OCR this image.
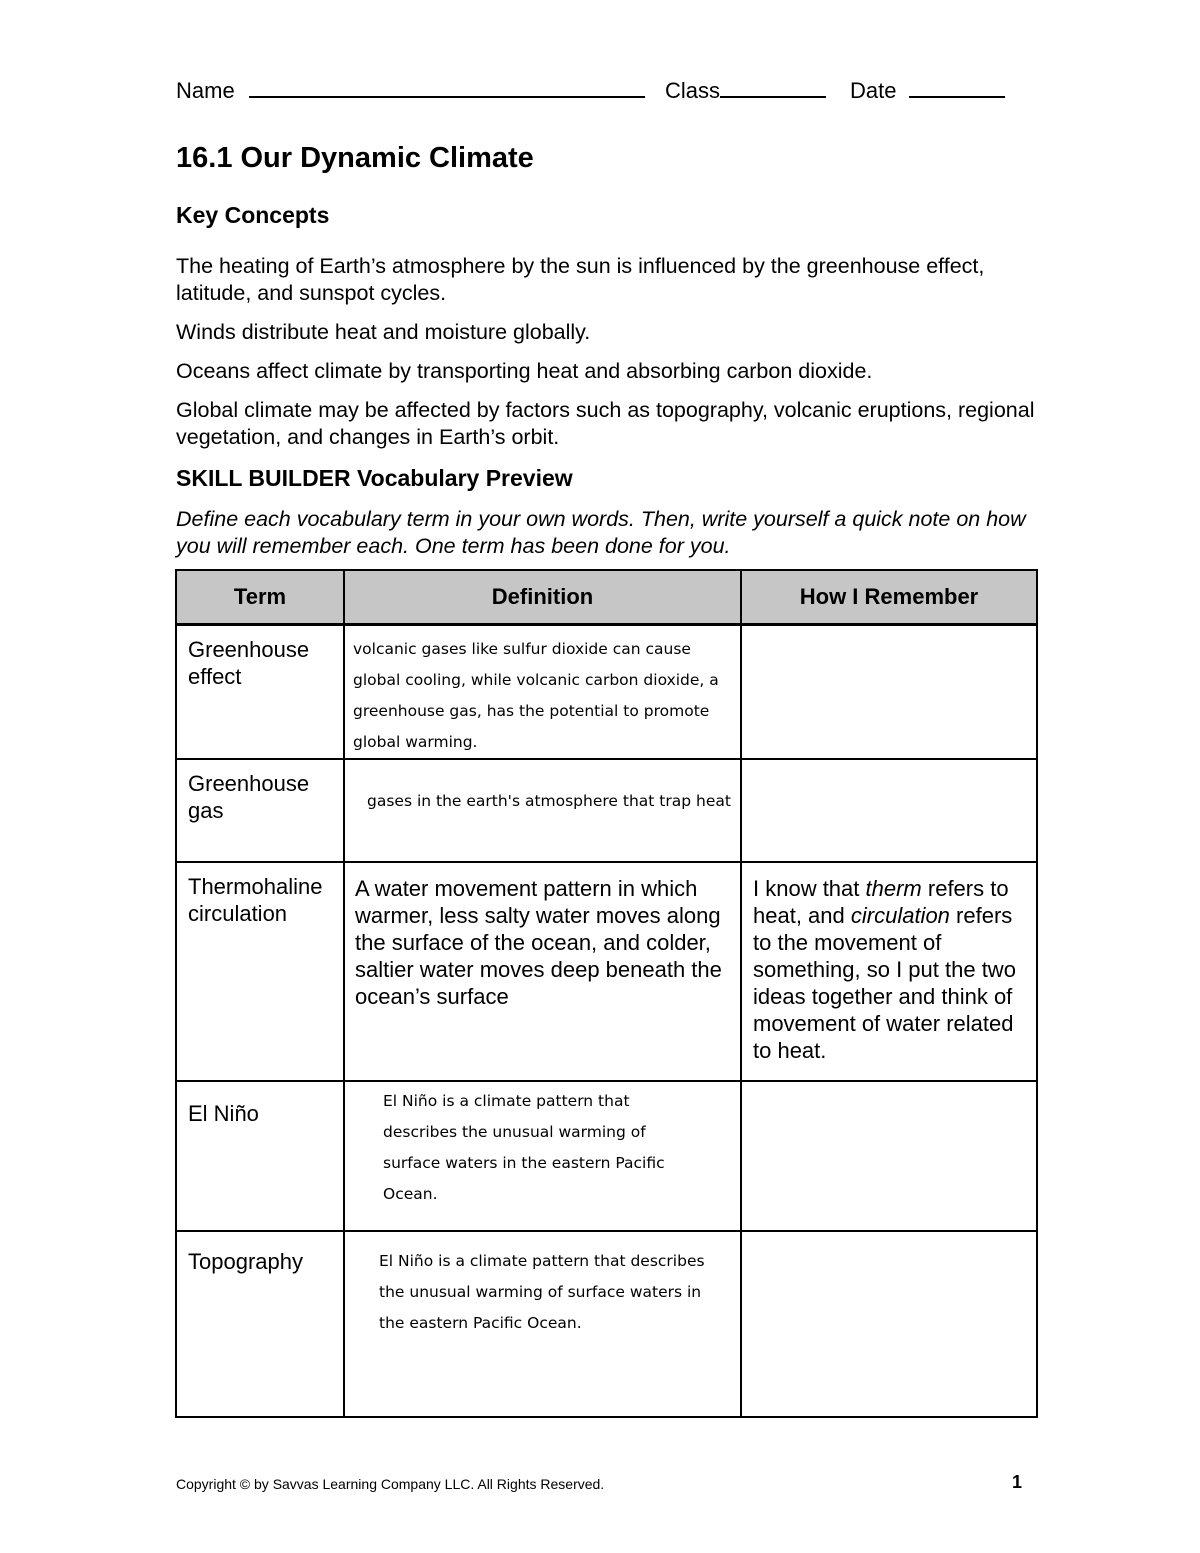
Name	Class	Date
16.1 Our Dynamic Climate
Key Concepts
The heating of Earth’s atmosphere by the sun is influenced by the greenhouse effect, latitude, and sunspot cycles.
Winds distribute heat and moisture globally.
Oceans affect climate by transporting heat and absorbing carbon dioxide.
Global climate may be affected by factors such as topography, volcanic eruptions, regional vegetation, and changes in Earth’s orbit.
SKILL BUILDER Vocabulary Preview

Define each vocabulary term in your own words. Then, write yourself a quick note on how you will remember each. One term has been done for you.

Term	Definition	How I Remember
Greenhouse effect	volcanic gases like sulfur dioxide can cause global cooling, while volcanic carbon dioxide, a greenhouse gas, has the potential to promote global warming.	
Greenhouse gas	gases in the earth's atmosphere that trap heat	
Thermohaline circulation	A water movement pattern in which warmer, less salty water moves along the surface of the ocean, and colder, saltier water moves deep beneath the ocean’s surface	I know that therm refers to heat, and circulation refers to the movement of something, so I put the two ideas together and think of movement of water related to heat.
El Niño	El Niño is a climate pattern that describes the unusual warming of surface waters in the eastern Pacific Ocean.	
Topography	El Niño is a climate pattern that describes the unusual warming of surface waters in the eastern Pacific Ocean.	
Copyright © by Savvas Learning Company LLC. All Rights Reserved.	1
